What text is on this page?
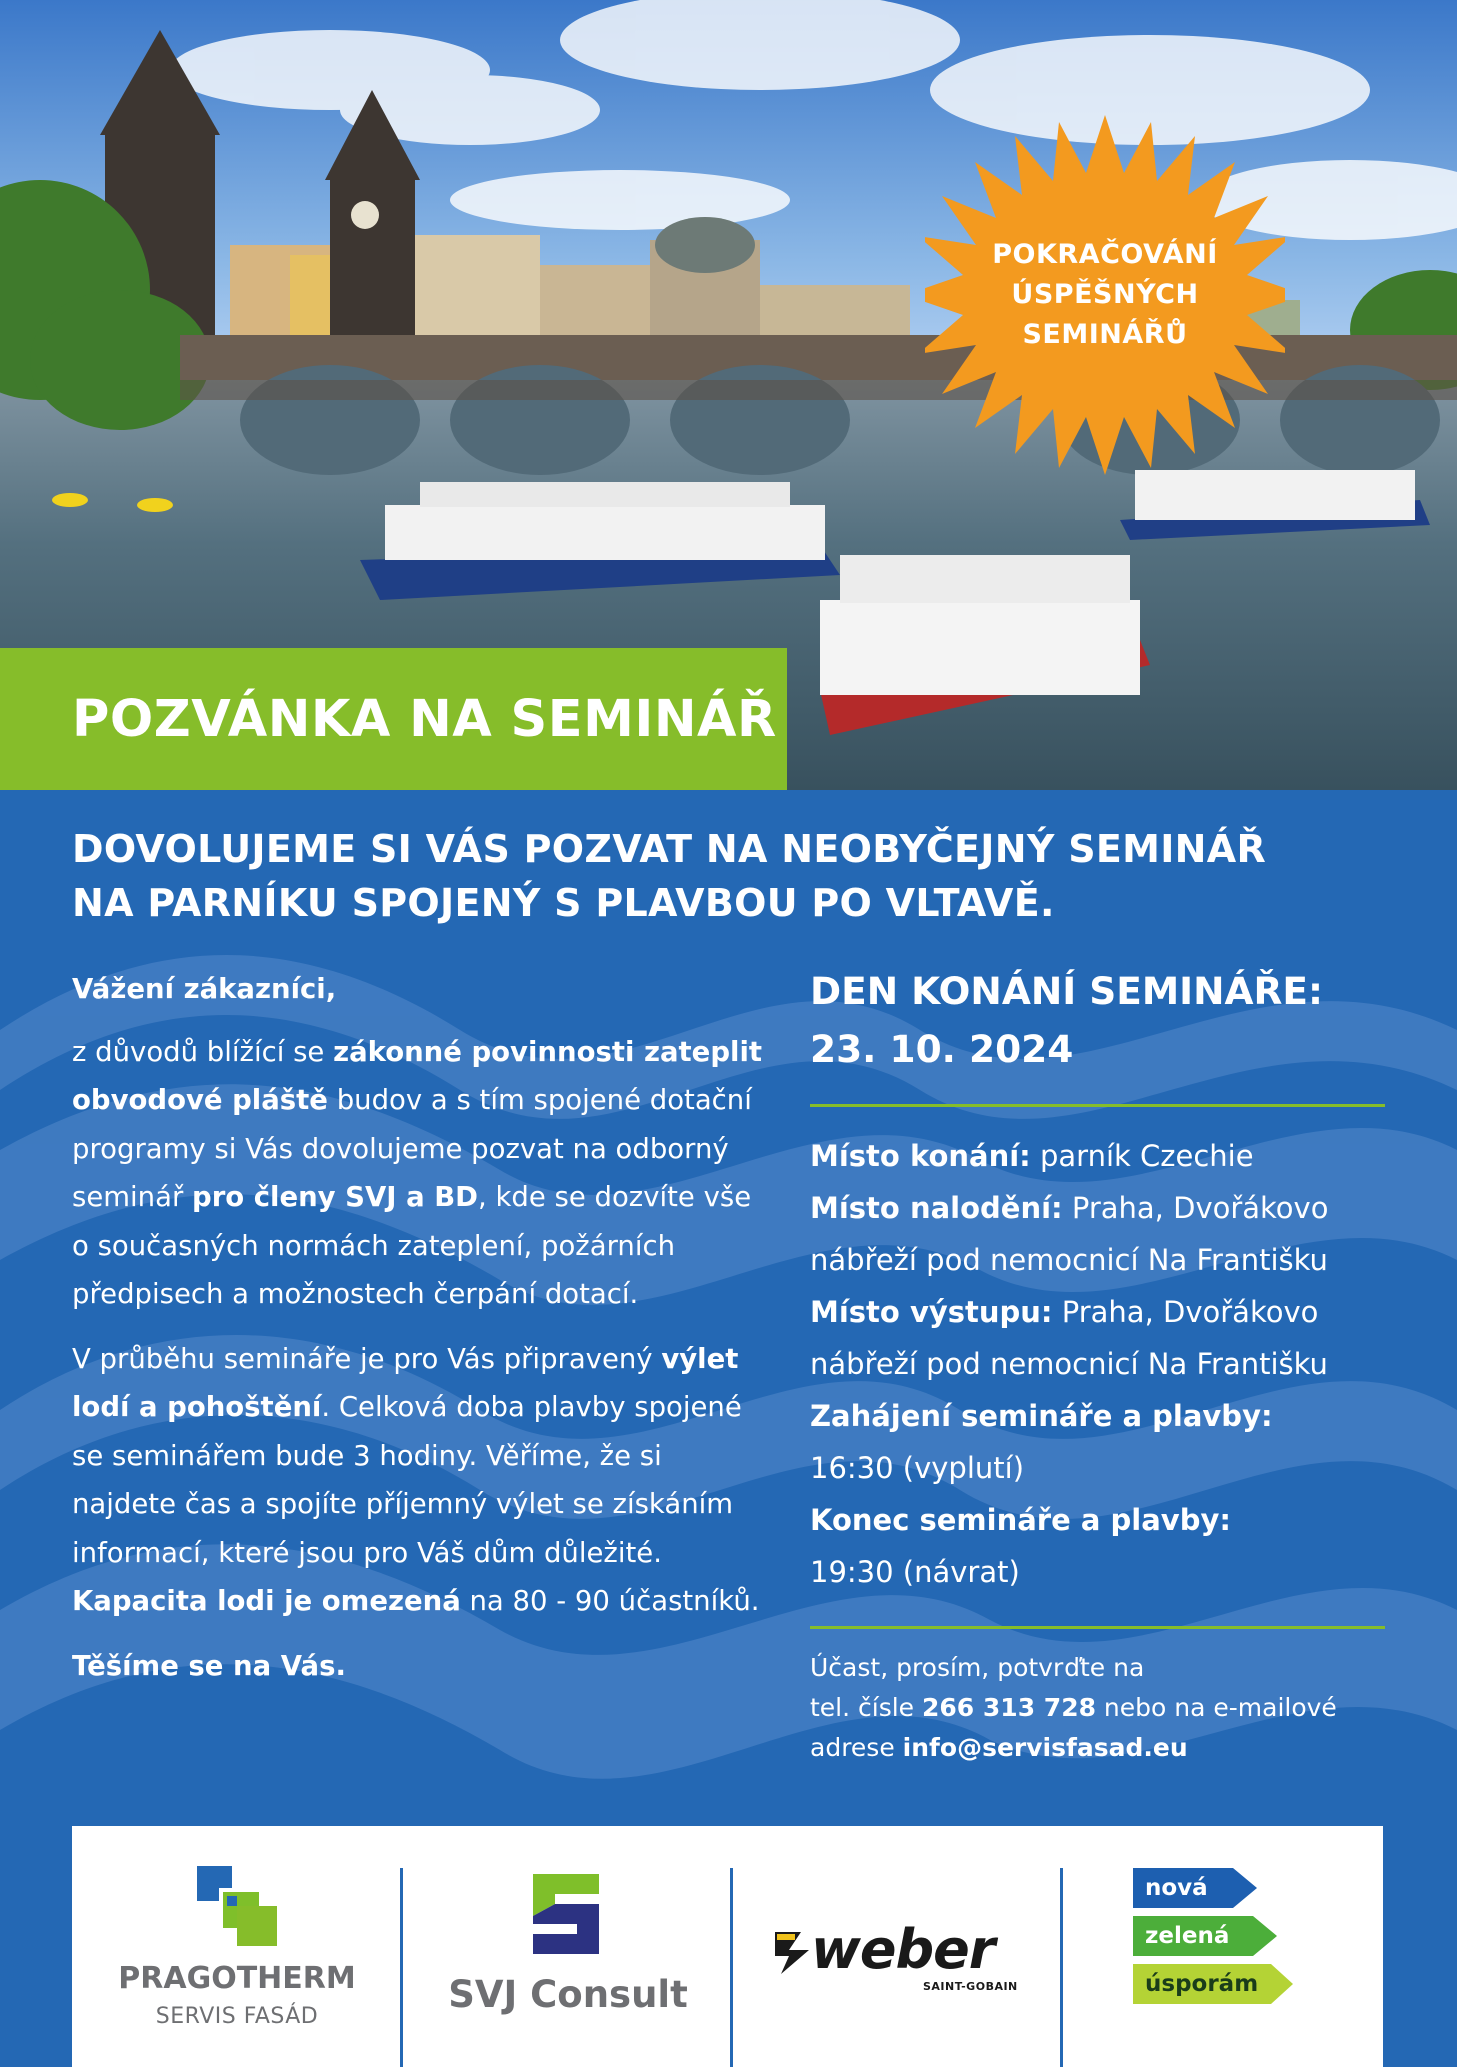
POKRAČOVÁNÍ
ÚSPĚŠNÝCH
SEMINÁŘŮ
POZVÁNKA NA SEMINÁŘ
DOVOLUJEME SI VÁS POZVAT NA NEOBYČEJNÝ SEMINÁŘ
NA PARNÍKU SPOJENÝ S PLAVBOU PO VLTAVĚ.

Vážení zákazníci,

z důvodů blížící se zákonné povinnosti zateplit obvodové pláště budov a s tím spojené dotační programy si Vás dovolujeme pozvat na odborný seminář pro členy SVJ a BD, kde se dozvíte vše o současných normách zateplení, požárních předpisech a možnostech čerpání dotací.

V průběhu semináře je pro Vás připravený výlet lodí a pohoštění. Celková doba plavby spojené se seminářem bude 3 hodiny. Věříme, že si najdete čas a spojíte příjemný výlet se získáním informací, které jsou pro Váš dům důležité. Kapacita lodi je omezená na 80 - 90 účastníků.

Těšíme se na Vás.

DEN KONÁNÍ SEMINÁŘE:
23. 10. 2024

Místo konání: parník Czechie

Místo nalodění: Praha, Dvořákovo nábřeží pod nemocnicí Na Františku

Místo výstupu: Praha, Dvořákovo nábřeží pod nemocnicí Na Františku

Zahájení semináře a plavby:

16:30 (vyplutí)

Konec semináře a plavby:

19:30 (návrat)

Účast, prosím, potvrďte na

tel. čísle 266 313 728 nebo na e-mailové

adrese info@servisfasad.eu

PRAGOTHERM
SERVIS FASÁD
SVJ Consult
weber
SAINT-GOBAIN
nová
zelená
úsporám
